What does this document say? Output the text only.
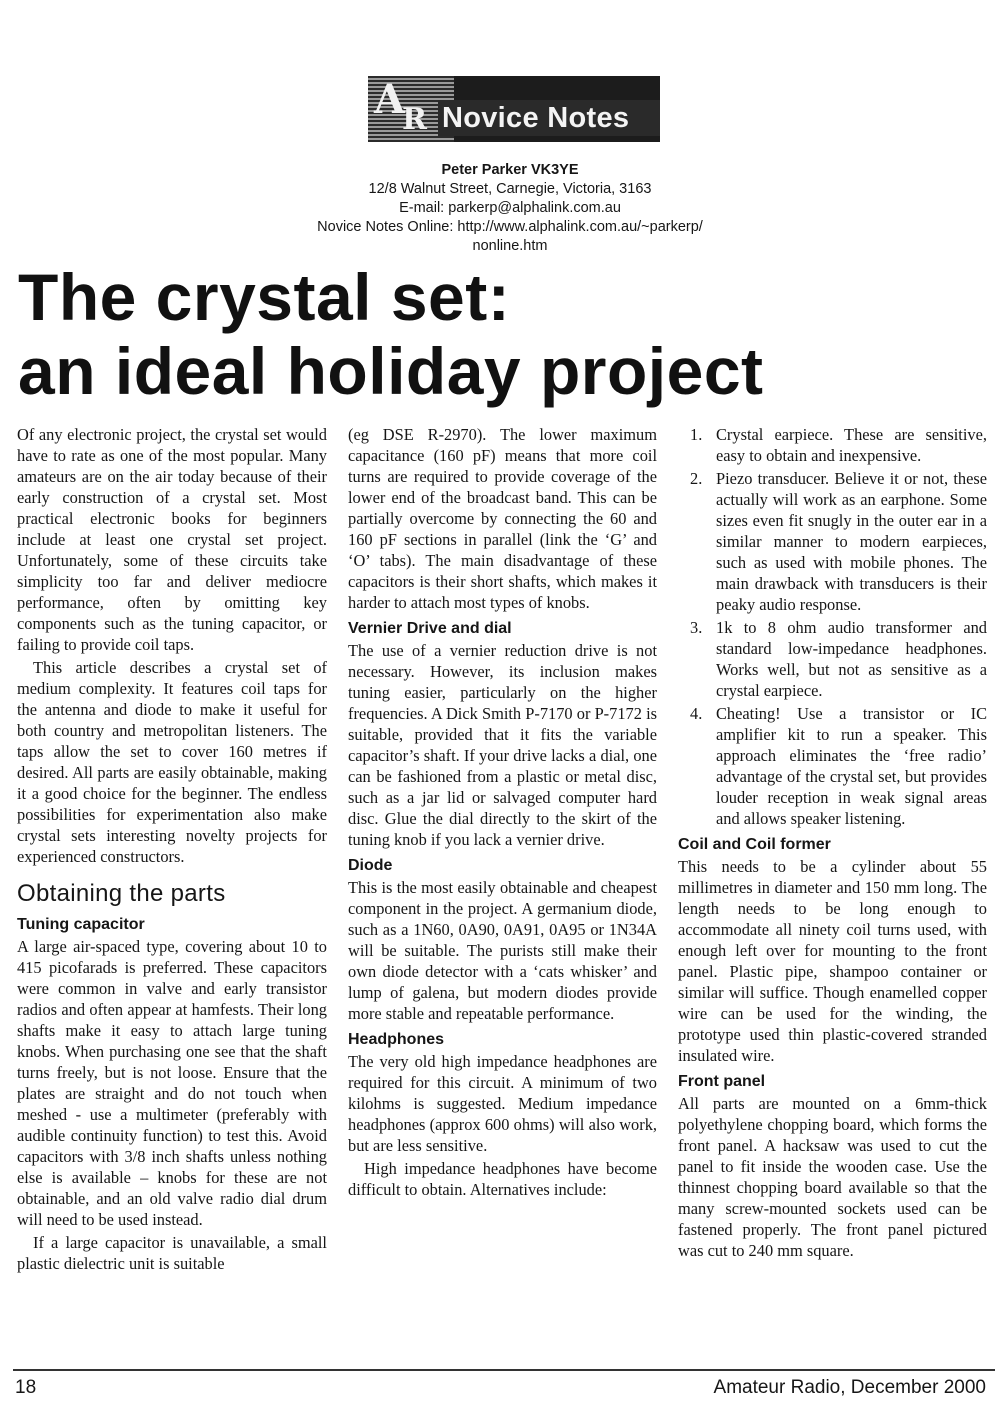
A
R Novice Notes
Peter Parker VK3YE
12/8 Walnut Street, Carnegie, Victoria, 3163
E-mail: parkerp@alphalink.com.au
Novice Notes Online: http://www.alphalink.com.au/~parkerp/
nonline.htm
The crystal set:
an ideal holiday project

Of any electronic project, the crystal set would have to rate as one of the most popular. Many amateurs are on the air today because of their early construction of a crystal set. Most practical electronic books for beginners include at least one crystal set project. Unfortunately, some of these circuits take simplicity too far and deliver mediocre performance, often by omitting key components such as the tuning capacitor, or failing to provide coil taps.

This article describes a crystal set of medium complexity. It features coil taps for the antenna and diode to make it useful for both country and metropolitan listeners. The taps allow the set to cover 160 metres if desired. All parts are easily obtainable, making it a good choice for the beginner. The endless possibilities for experimentation also make crystal sets interesting novelty projects for experienced constructors.

Obtaining the parts
Tuning capacitor

A large air-spaced type, covering about 10 to 415 picofarads is preferred. These capacitors were common in valve and early transistor radios and often appear at hamfests. Their long shafts make it easy to attach large tuning knobs. When purchasing one see that the shaft turns freely, but is not loose. Ensure that the plates are straight and do not touch when meshed - use a multimeter (preferably with audible continuity function) to test this. Avoid capacitors with 3/8 inch shafts unless nothing else is available – knobs for these are not obtainable, and an old valve radio dial drum will need to be used instead.

If a large capacitor is unavailable, a small plastic dielectric unit is suitable

(eg DSE R-2970). The lower maximum capacitance (160 pF) means that more coil turns are required to provide coverage of the lower end of the broadcast band. This can be partially overcome by connecting the 60 and 160 pF sections in parallel (link the ‘G’ and ‘O’ tabs). The main disadvantage of these capacitors is their short shafts, which makes it harder to attach most types of knobs.

Vernier Drive and dial

The use of a vernier reduction drive is not necessary. However, its inclusion makes tuning easier, particularly on the higher frequencies. A Dick Smith P-7170 or P-7172 is suitable, provided that it fits the variable capacitor’s shaft. If your drive lacks a dial, one can be fashioned from a plastic or metal disc, such as a jar lid or salvaged computer hard disc. Glue the dial directly to the skirt of the tuning knob if you lack a vernier drive.

Diode

This is the most easily obtainable and cheapest component in the project. A germanium diode, such as a 1N60, 0A90, 0A91, 0A95 or 1N34A will be suitable. The purists still make their own diode detector with a ‘cats whisker’ and lump of galena, but modern diodes provide more stable and repeatable performance.

Headphones

The very old high impedance headphones are required for this circuit. A minimum of two kilohms is suggested. Medium impedance headphones (approx 600 ohms) will also work, but are less sensitive.

High impedance headphones have become difficult to obtain. Alternatives include:

1. Crystal earpiece. These are sensitive, easy to obtain and inexpensive.
2. Piezo transducer. Believe it or not, these actually will work as an earphone. Some sizes even fit snugly in the outer ear in a similar manner to modern earpieces, such as used with mobile phones. The main drawback with transducers is their peaky audio response.
3. 1k to 8 ohm audio transformer and standard low-impedance headphones. Works well, but not as sensitive as a crystal earpiece.
4. Cheating! Use a transistor or IC amplifier kit to run a speaker. This approach eliminates the ‘free radio’ advantage of the crystal set, but provides louder reception in weak signal areas and allows speaker listening.
Coil and Coil former

This needs to be a cylinder about 55 millimetres in diameter and 150 mm long. The length needs to be long enough to accommodate all ninety coil turns used, with enough left over for mounting to the front panel. Plastic pipe, shampoo container or similar will suffice. Though enamelled copper wire can be used for the winding, the prototype used thin plastic-covered stranded insulated wire.

Front panel

All parts are mounted on a 6mm-thick polyethylene chopping board, which forms the front panel. A hacksaw was used to cut the panel to fit inside the wooden case. Use the thinnest chopping board available so that the many screw-mounted sockets used can be fastened properly. The front panel pictured was cut to 240 mm square.

18	Amateur Radio, December 2000
